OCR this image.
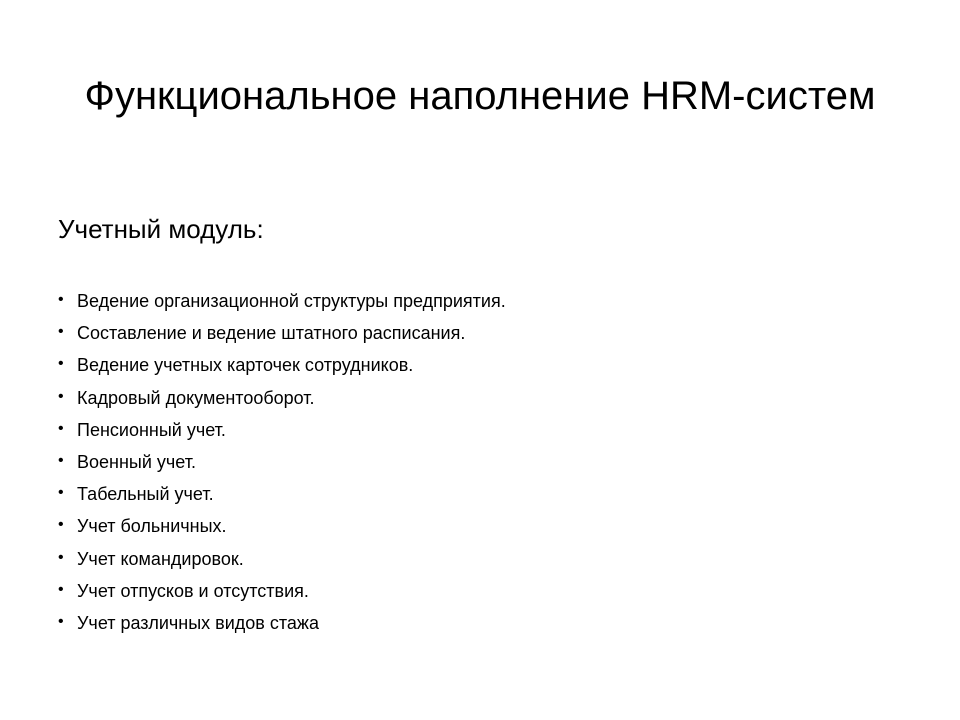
Функциональное наполнение HRM-систем
Учетный модуль:
• Ведение организационной структуры предприятия.
• Составление и ведение штатного расписания.
• Ведение учетных карточек сотрудников.
• Кадровый документооборот.
• Пенсионный учет.
• Военный учет.
• Табельный учет.
• Учет больничных.
• Учет командировок.
• Учет отпусков и отсутствия.
• Учет различных видов стажа
